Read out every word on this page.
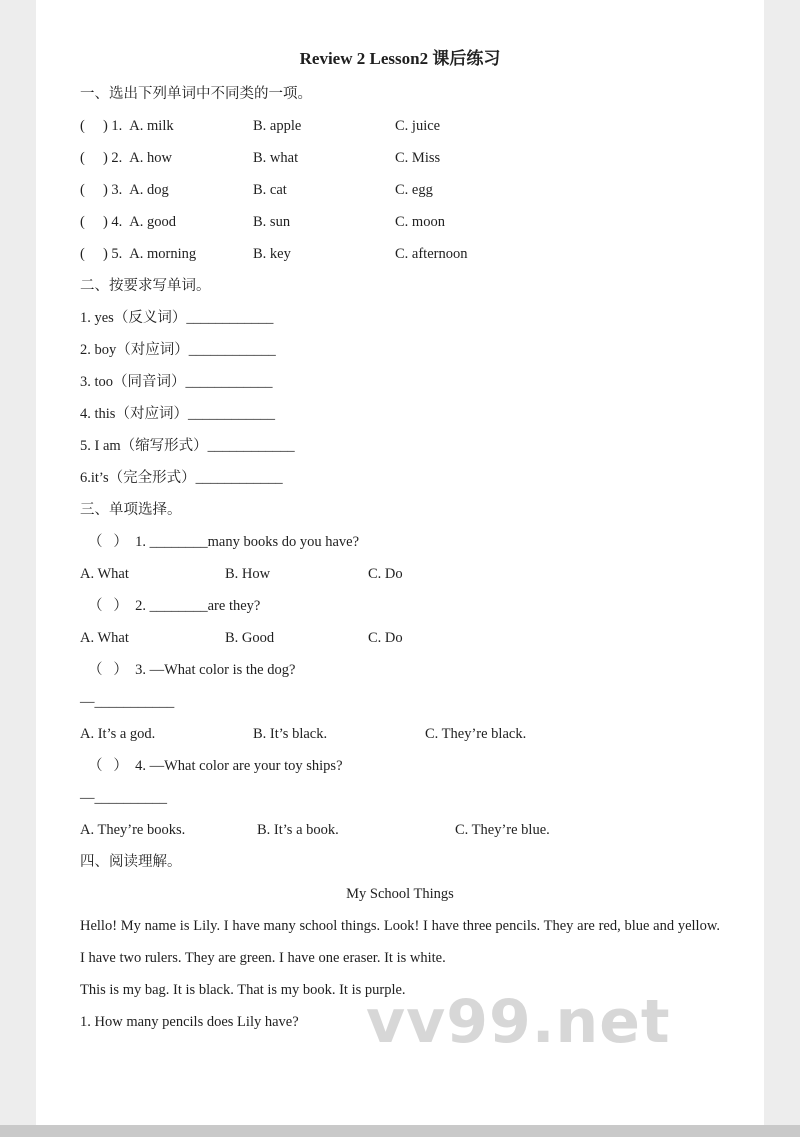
vv99.net
Review 2 Lesson2 课后练习
一、选出下列单词中不同类的一项。
(     ) 1. A. milk	B. apple	C. juice
(     ) 2. A. how	B. what	C. Miss
(     ) 3. A. dog	B. cat	C. egg
(     ) 4. A. good	B. sun	C. moon
(     ) 5. A. morning	B. key	C. afternoon
二、按要求写单词。
1. yes（反义词）____________
2. boy（对应词）____________
3. too（同音词）____________
4. this（对应词）____________
5. I am（缩写形式）____________
6.it’s（完全形式）____________
三、单项选择。
（   ）  1. ________many books do you have?
A. What	B. How	C. Do
（   ）  2. ________are they?
A. What	B. Good	C. Do
（   ）  3. —What color is the dog?
—___________
A. It’s a god.	B. It’s black.	C. They’re black.
（   ）  4. —What color are your toy ships?
—__________
A. They’re books.	B. It’s a book.	C. They’re blue.
四、阅读理解。
My School Things

Hello! My name is Lily. I have many school things. Look! I have three pencils. They are red, blue and yellow. I have two rulers. They are green. I have one eraser. It is white.

This is my bag. It is black. That is my book. It is purple.
1. How many pencils does Lily have?
